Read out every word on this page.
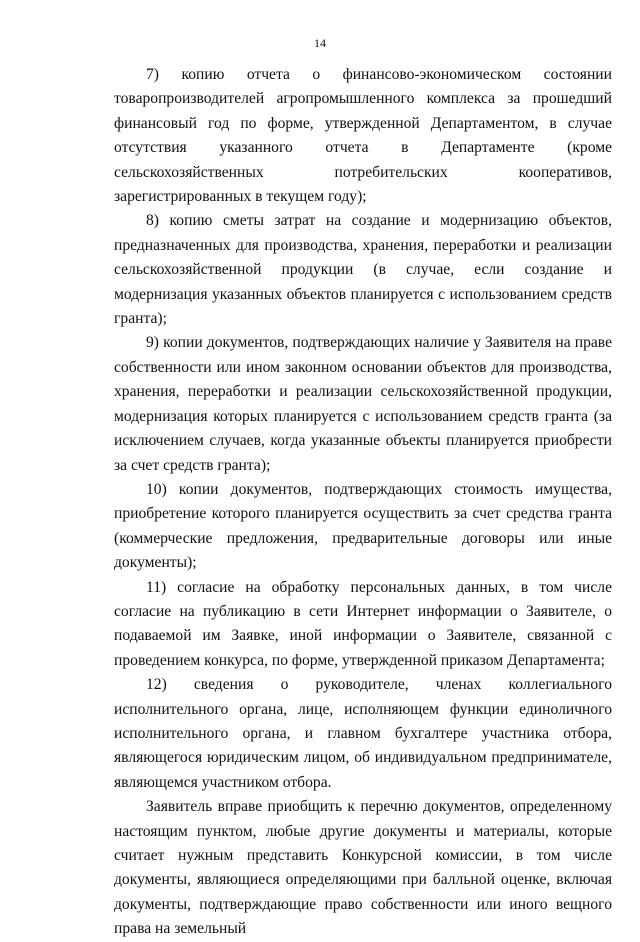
14

7) копию отчета о финансово-экономическом состоянии товаропроизводителей агропромышленного комплекса за прошедший финансовый год по форме, утвержденной Департаментом, в случае отсутствия указанного отчета в Департаменте (кроме сельскохозяйственных потребительских кооперативов, зарегистрированных в текущем году);

8) копию сметы затрат на создание и модернизацию объектов, предназначенных для производства, хранения, переработки и реализации сельскохозяйственной продукции (в случае, если создание и модернизация указанных объектов планируется с использованием средств гранта);

9) копии документов, подтверждающих наличие у Заявителя на праве собственности или ином законном основании объектов для производства, хранения, переработки и реализации сельскохозяйственной продукции, модернизация которых планируется с использованием средств гранта (за исключением случаев, когда указанные объекты планируется приобрести за счет средств гранта);

10) копии документов, подтверждающих стоимость имущества, приобретение которого планируется осуществить за счет средства гранта (коммерческие предложения, предварительные договоры или иные документы);

11) согласие на обработку персональных данных, в том числе согласие на публикацию в сети Интернет информации о Заявителе, о подаваемой им Заявке, иной информации о Заявителе, связанной с проведением конкурса, по форме, утвержденной приказом Департамента;

12) сведения о руководителе, членах коллегиального исполнительного органа, лице, исполняющем функции единоличного исполнительного органа, и главном бухгалтере участника отбора, являющегося юридическим лицом, об индивидуальном предпринимателе, являющемся участником отбора.

Заявитель вправе приобщить к перечню документов, определенному настоящим пунктом, любые другие документы и материалы, которые считает нужным представить Конкурсной комиссии, в том числе документы, являющиеся определяющими при балльной оценке, включая документы, подтверждающие право собственности или иного вещного права на земельный
